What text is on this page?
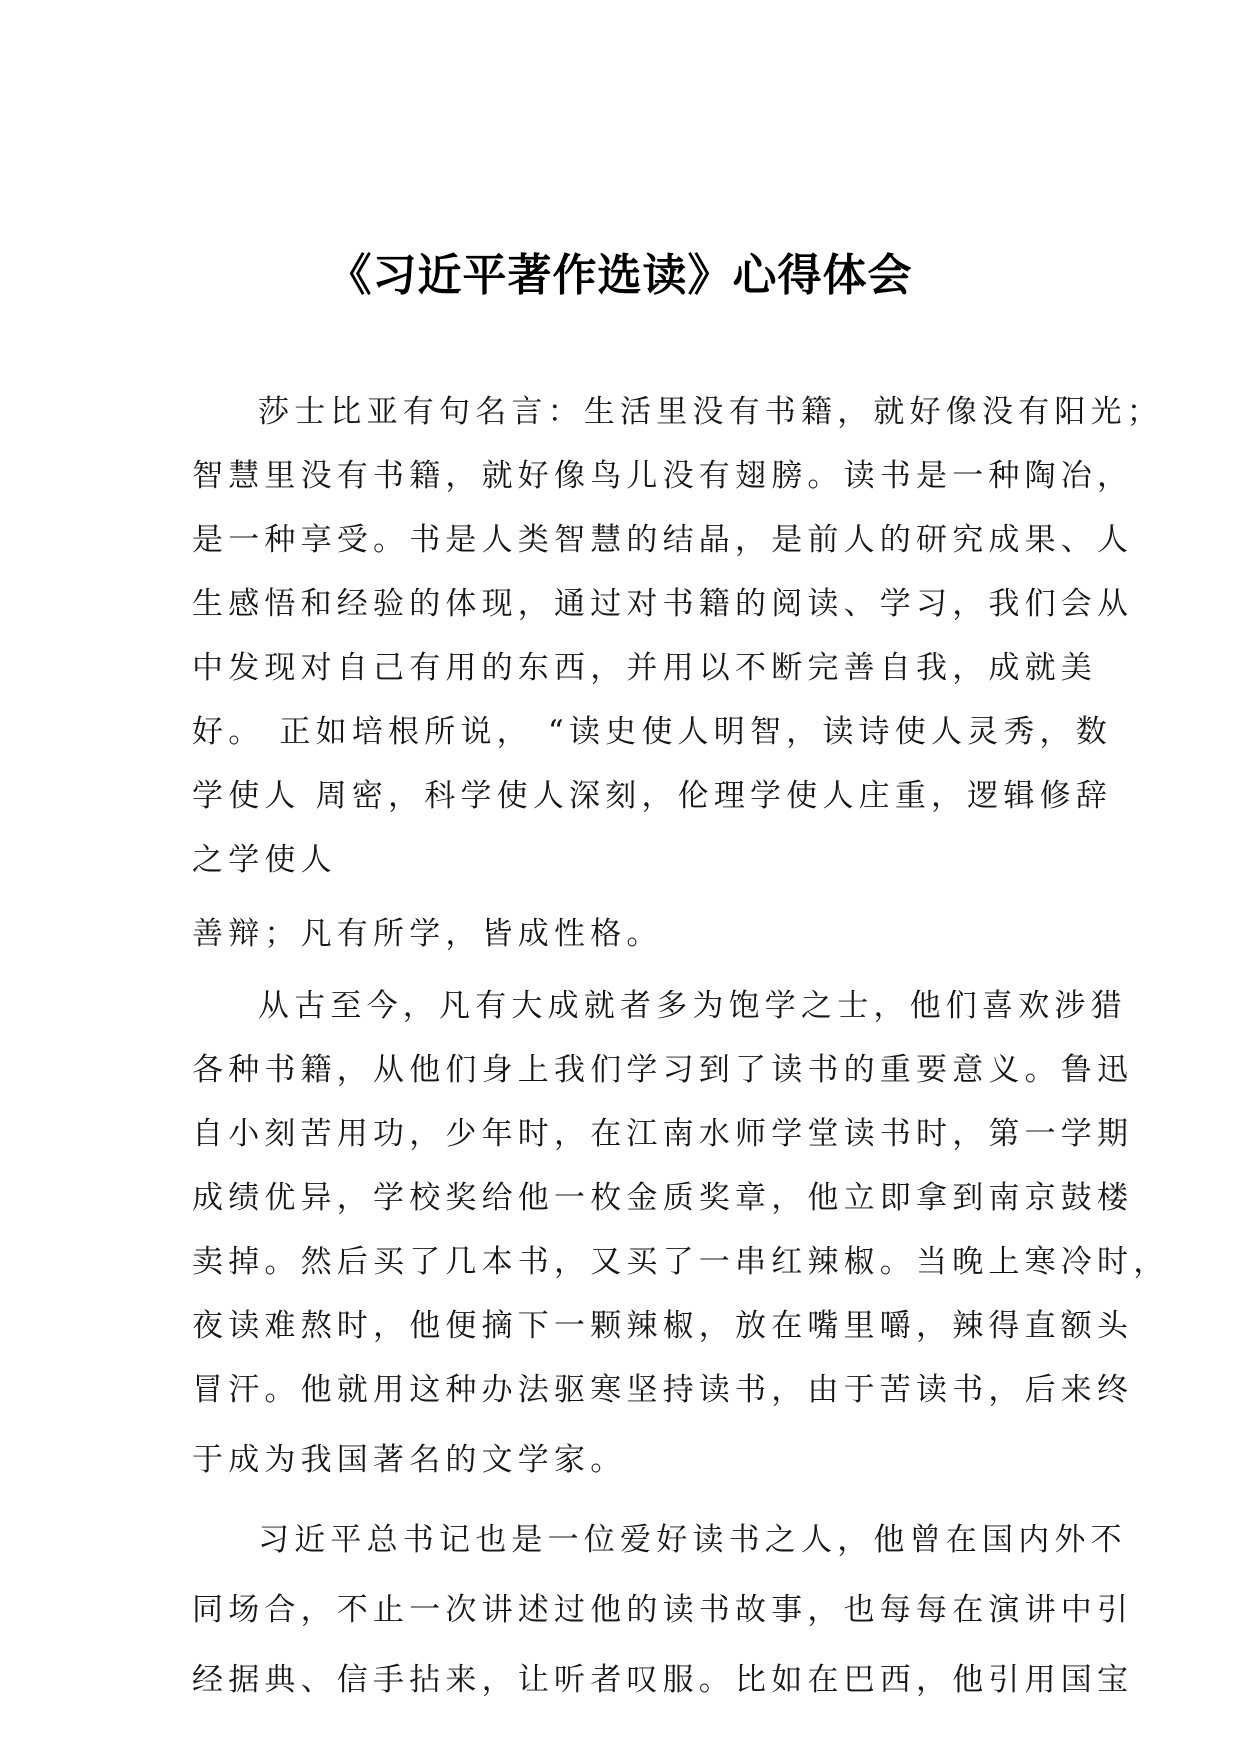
《习近平著作选读》心得体会
莎士比亚有句名言：生活里没有书籍，就好像没有阳光；
智慧里没有书籍，就好像鸟儿没有翅膀。读书是一种陶冶，
是一种享受。书是人类智慧的结晶，是前人的研究成果、人
生感悟和经验的体现，通过对书籍的阅读、学习，我们会从
中发现对自己有用的东西，并用以不断完善自我，成就美
好。 正如培根所说， “读史使人明智，读诗使人灵秀，数
学使人 周密，科学使人深刻，伦理学使人庄重，逻辑修辞
之学使人
善辩；凡有所学，皆成性格。
从古至今，凡有大成就者多为饱学之士，他们喜欢涉猎
各种书籍，从他们身上我们学习到了读书的重要意义。鲁迅
自小刻苦用功，少年时，在江南水师学堂读书时，第一学期
成绩优异，学校奖给他一枚金质奖章，他立即拿到南京鼓楼
卖掉。然后买了几本书，又买了一串红辣椒。当晚上寒冷时，
夜读难熬时，他便摘下一颗辣椒，放在嘴里嚼，辣得直额头
冒汗。他就用这种办法驱寒坚持读书，由于苦读书，后来终
于成为我国著名的文学家。
习近平总书记也是一位爱好读书之人，他曾在国内外不
同场合，不止一次讲述过他的读书故事，也每每在演讲中引
经据典、信手拈来，让听者叹服。比如在巴西，他引用国宝
